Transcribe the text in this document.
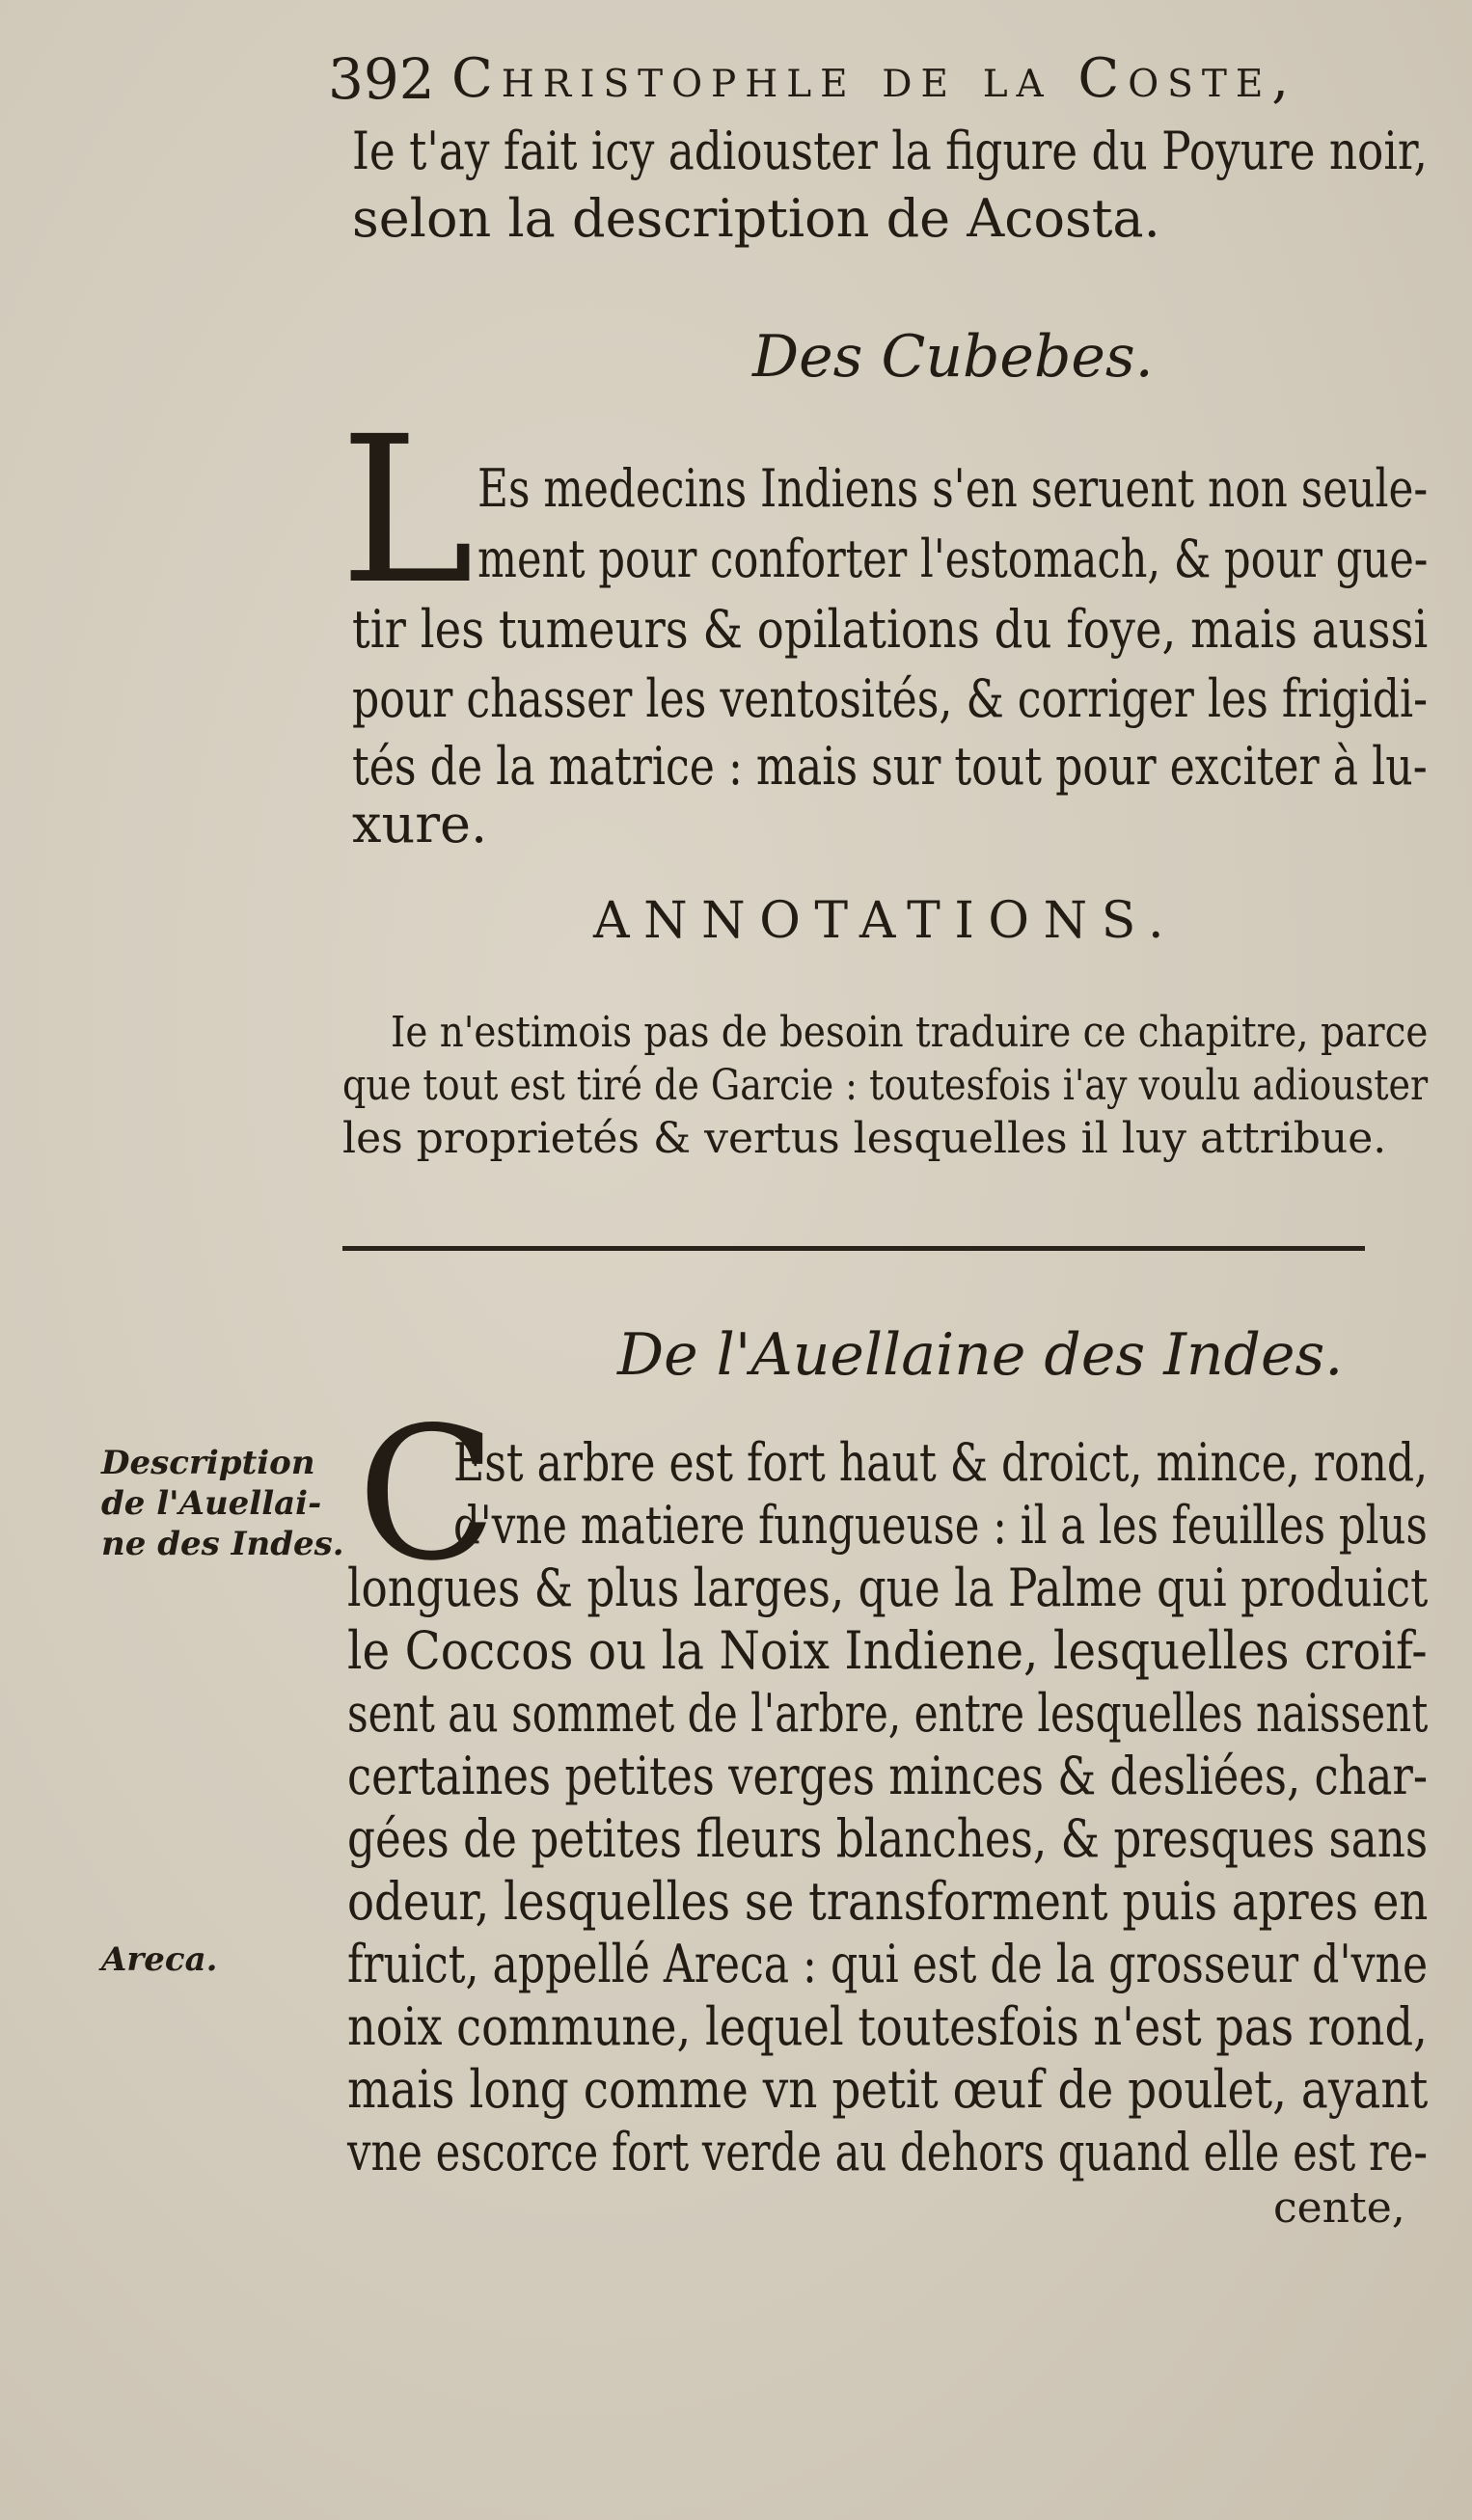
392 Christophle de la Coste,
Ie t'ay fait icy adiouster la figure du Poyure noir,
selon la description de Acosta.
Des Cubebes.
L Es medecins Indiens s'en seruent non seule-
ment pour conforter l'estomach, & pour gue-
tir les tumeurs & opilations du foye, mais aussi
pour chasser les ventosités, & corriger les frigidi-
tés de la matrice : mais sur tout pour exciter à lu-
xure.
ANNOTATIONS.
Ie n'estimois pas de besoin traduire ce chapitre, parce
que tout est tiré de Garcie : toutesfois i'ay voulu adiouster
les proprietés & vertus lesquelles il luy attribue.
De l'Auellaine des Indes.
Description
de l'Auellai-
ne des Indes.
Areca.
C
Est arbre est fort haut & droict, mince, rond,
d'vne matiere fungueuse : il a les feuilles plus
longues & plus larges, que la Palme qui produict
le Coccos ou la Noix Indiene, lesquelles croif-
sent au sommet de l'arbre, entre lesquelles naissent
certaines petites verges minces & desliées, char-
gées de petites fleurs blanches, & presques sans
odeur, lesquelles se transforment puis apres en
fruict, appellé Areca : qui est de la grosseur d'vne
noix commune, lequel toutesfois n'est pas rond,
mais long comme vn petit œuf de poulet, ayant
vne escorce fort verde au dehors quand elle est re-
cente,
